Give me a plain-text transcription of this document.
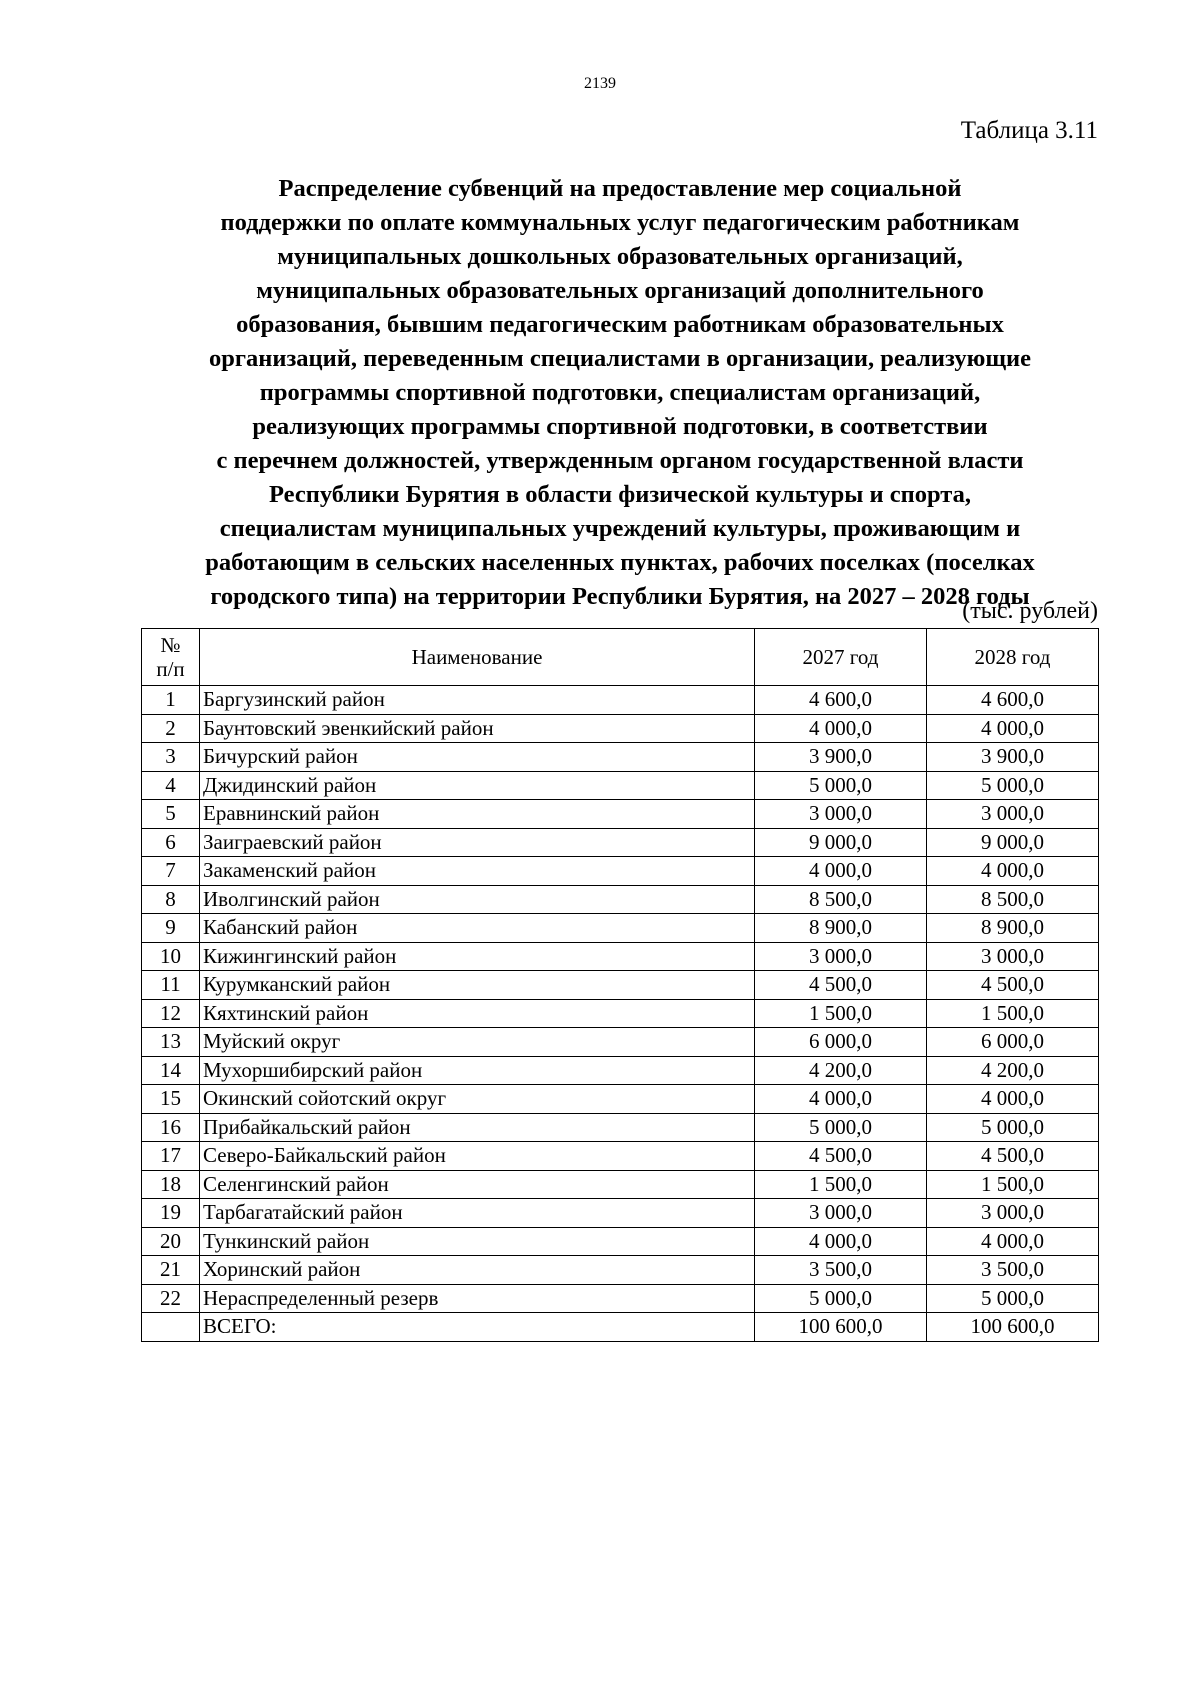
2139
Таблица 3.11
Распределение субвенций на предоставление мер социальной
поддержки по оплате коммунальных услуг педагогическим работникам
муниципальных дошкольных образовательных организаций,
муниципальных образовательных организаций дополнительного
образования, бывшим педагогическим работникам образовательных
организаций, переведенным специалистами в организации, реализующие
программы спортивной подготовки, специалистам организаций,
реализующих программы спортивной подготовки, в соответствии
с перечнем должностей, утвержденным органом государственной власти
Республики Бурятия в области физической культуры и спорта,
специалистам муниципальных учреждений культуры, проживающим и
работающим в сельских населенных пунктах, рабочих поселках (поселках
городского типа) на территории Республики Бурятия, на 2027 – 2028 годы
(тыс. рублей)
№
п/п	Наименование	2027 год	2028 год
1	Баргузинский район	4 600,0	4 600,0
2	Баунтовский эвенкийский район	4 000,0	4 000,0
3	Бичурский район	3 900,0	3 900,0
4	Джидинский район	5 000,0	5 000,0
5	Еравнинский район	3 000,0	3 000,0
6	Заиграевский район	9 000,0	9 000,0
7	Закаменский район	4 000,0	4 000,0
8	Иволгинский район	8 500,0	8 500,0
9	Кабанский район	8 900,0	8 900,0
10	Кижингинский район	3 000,0	3 000,0
11	Курумканский район	4 500,0	4 500,0
12	Кяхтинский район	1 500,0	1 500,0
13	Муйский округ	6 000,0	6 000,0
14	Мухоршибирский район	4 200,0	4 200,0
15	Окинский сойотский округ	4 000,0	4 000,0
16	Прибайкальский район	5 000,0	5 000,0
17	Северо-Байкальский район	4 500,0	4 500,0
18	Селенгинский район	1 500,0	1 500,0
19	Тарбагатайский район	3 000,0	3 000,0
20	Тункинский район	4 000,0	4 000,0
21	Хоринский район	3 500,0	3 500,0
22	Нераспределенный резерв	5 000,0	5 000,0
	ВСЕГО:	100 600,0	100 600,0
